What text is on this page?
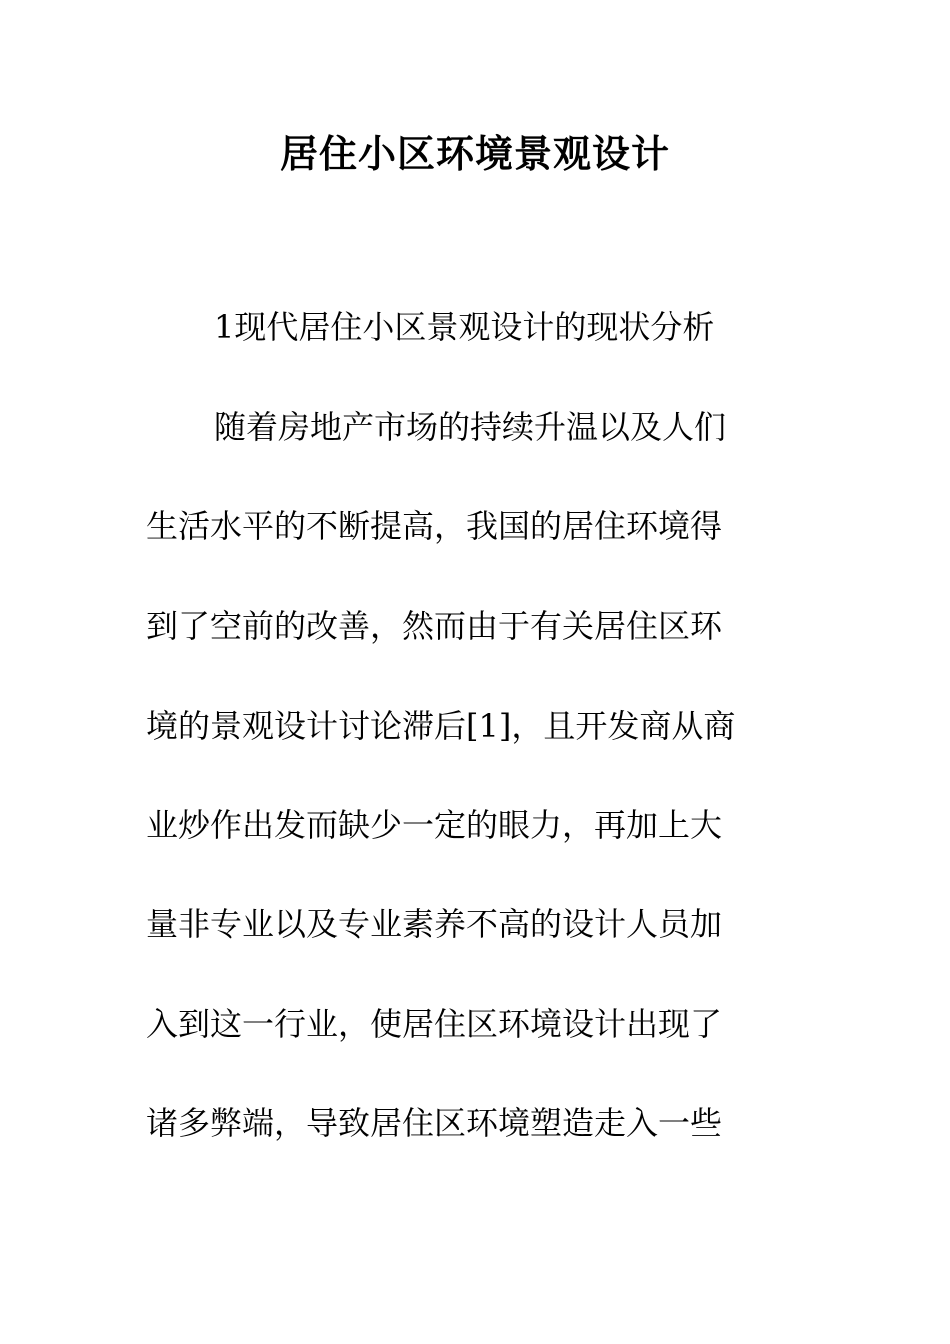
居住小区环境景观设计
1现代居住小区景观设计的现状分析
随着房地产市场的持续升温以及人们
生活水平的不断提高，我国的居住环境得
到了空前的改善，然而由于有关居住区环
境的景观设计讨论滞后[1]，且开发商从商
业炒作出发而缺少一定的眼力，再加上大
量非专业以及专业素养不高的设计人员加
入到这一行业，使居住区环境设计出现了
诸多弊端，导致居住区环境塑造走入一些
